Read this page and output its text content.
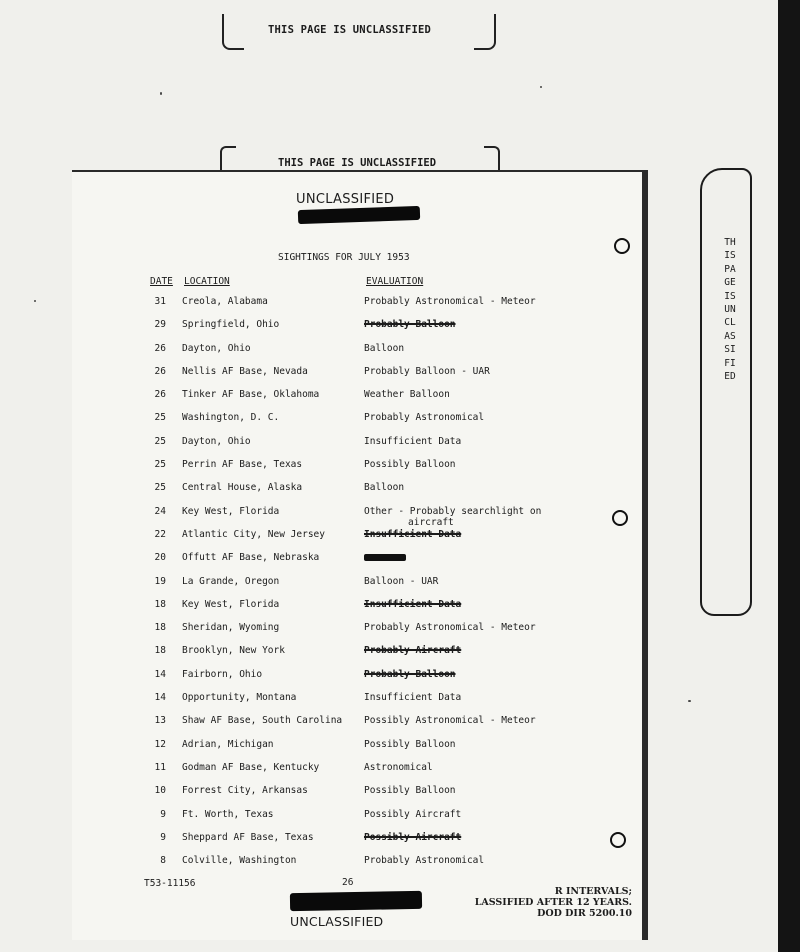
THIS PAGE IS UNCLASSIFIED
THIS PAGE IS UNCLASSIFIED
UNCLASSIFIED
SIGHTINGS FOR JULY 1953
DATE LOCATION	EVALUATION
31 Creola, Alabama	Probably Astronomical - Meteor
29 Springfield, Ohio	Probably Balloon
26 Dayton, Ohio	Balloon
26 Nellis AF Base, Nevada	Probably Balloon - UAR
26 Tinker AF Base, Oklahoma	Weather Balloon
25 Washington, D. C.	Probably Astronomical
25 Dayton, Ohio	Insufficient Data
25 Perrin AF Base, Texas	Possibly Balloon
25 Central House, Alaska	Balloon
24 Key West, Florida	Other - Probably searchlight on
aircraft
22 Atlantic City, New Jersey	Insufficient Data
20 Offutt AF Base, Nebraska
19 La Grande, Oregon	Balloon - UAR
18 Key West, Florida	Insufficient Data
18 Sheridan, Wyoming	Probably Astronomical - Meteor
18 Brooklyn, New York	Probably Aircraft
14 Fairborn, Ohio	Probably Balloon
14 Opportunity, Montana	Insufficient Data
13 Shaw AF Base, South Carolina Possibly Astronomical - Meteor
12 Adrian, Michigan	Possibly Balloon
11 Godman AF Base, Kentucky	Astronomical
10 Forrest City, Arkansas	Possibly Balloon
9 Ft. Worth, Texas	Possibly Aircraft
9 Sheppard AF Base, Texas	Possibly Aircraft
8 Colville, Washington	Probably Astronomical
THIS PAGE IS UNCLASSIFIED
T53-11156	26
UNCLASSIFIED
R INTERVALS;
LASSIFIED AFTER 12 YEARS.
DOD DIR 5200.10
